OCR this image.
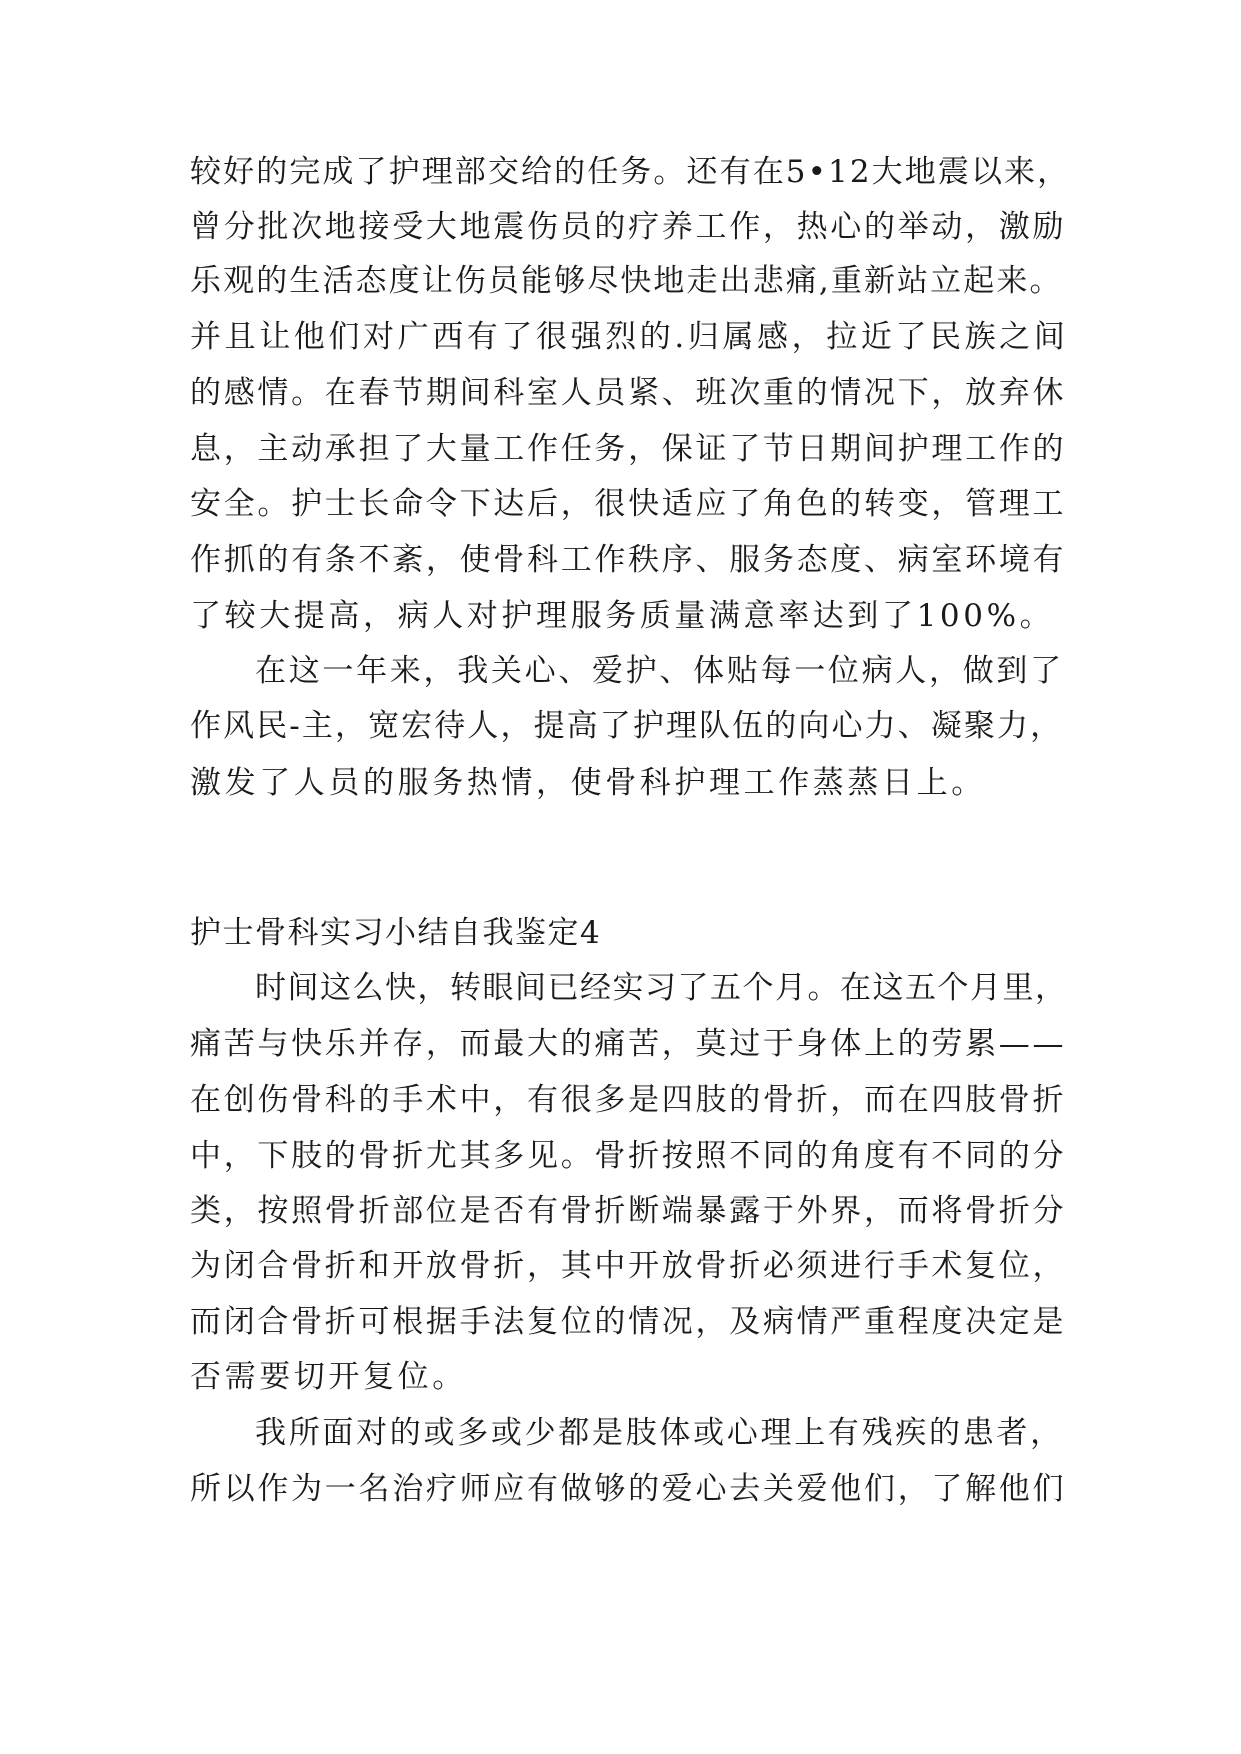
较好的完成了护理部交给的任务。还有在5•12大地震以来，
曾分批次地接受大地震伤员的疗养工作，热心的举动，激励
乐观的生活态度让伤员能够尽快地走出悲痛,重新站立起来。
并且让他们对广西有了很强烈的.归属感，拉近了民族之间
的感情。在春节期间科室人员紧、班次重的情况下，放弃休
息，主动承担了大量工作任务，保证了节日期间护理工作的
安全。护士长命令下达后，很快适应了角色的转变，管理工
作抓的有条不紊，使骨科工作秩序、服务态度、病室环境有
了较大提高，病人对护理服务质量满意率达到了100%。
在这一年来，我关心、爱护、体贴每一位病人，做到了
作风民-主，宽宏待人，提高了护理队伍的向心力、凝聚力，
激发了人员的服务热情，使骨科护理工作蒸蒸日上。
护士骨科实习小结自我鉴定4
时间这么快，转眼间已经实习了五个月。在这五个月里，
痛苦与快乐并存，而最大的痛苦，莫过于身体上的劳累——
在创伤骨科的手术中，有很多是四肢的骨折，而在四肢骨折
中，下肢的骨折尤其多见。骨折按照不同的角度有不同的分
类，按照骨折部位是否有骨折断端暴露于外界，而将骨折分
为闭合骨折和开放骨折，其中开放骨折必须进行手术复位，
而闭合骨折可根据手法复位的情况，及病情严重程度决定是
否需要切开复位。
我所面对的或多或少都是肢体或心理上有残疾的患者，
所以作为一名治疗师应有做够的爱心去关爱他们，了解他们
